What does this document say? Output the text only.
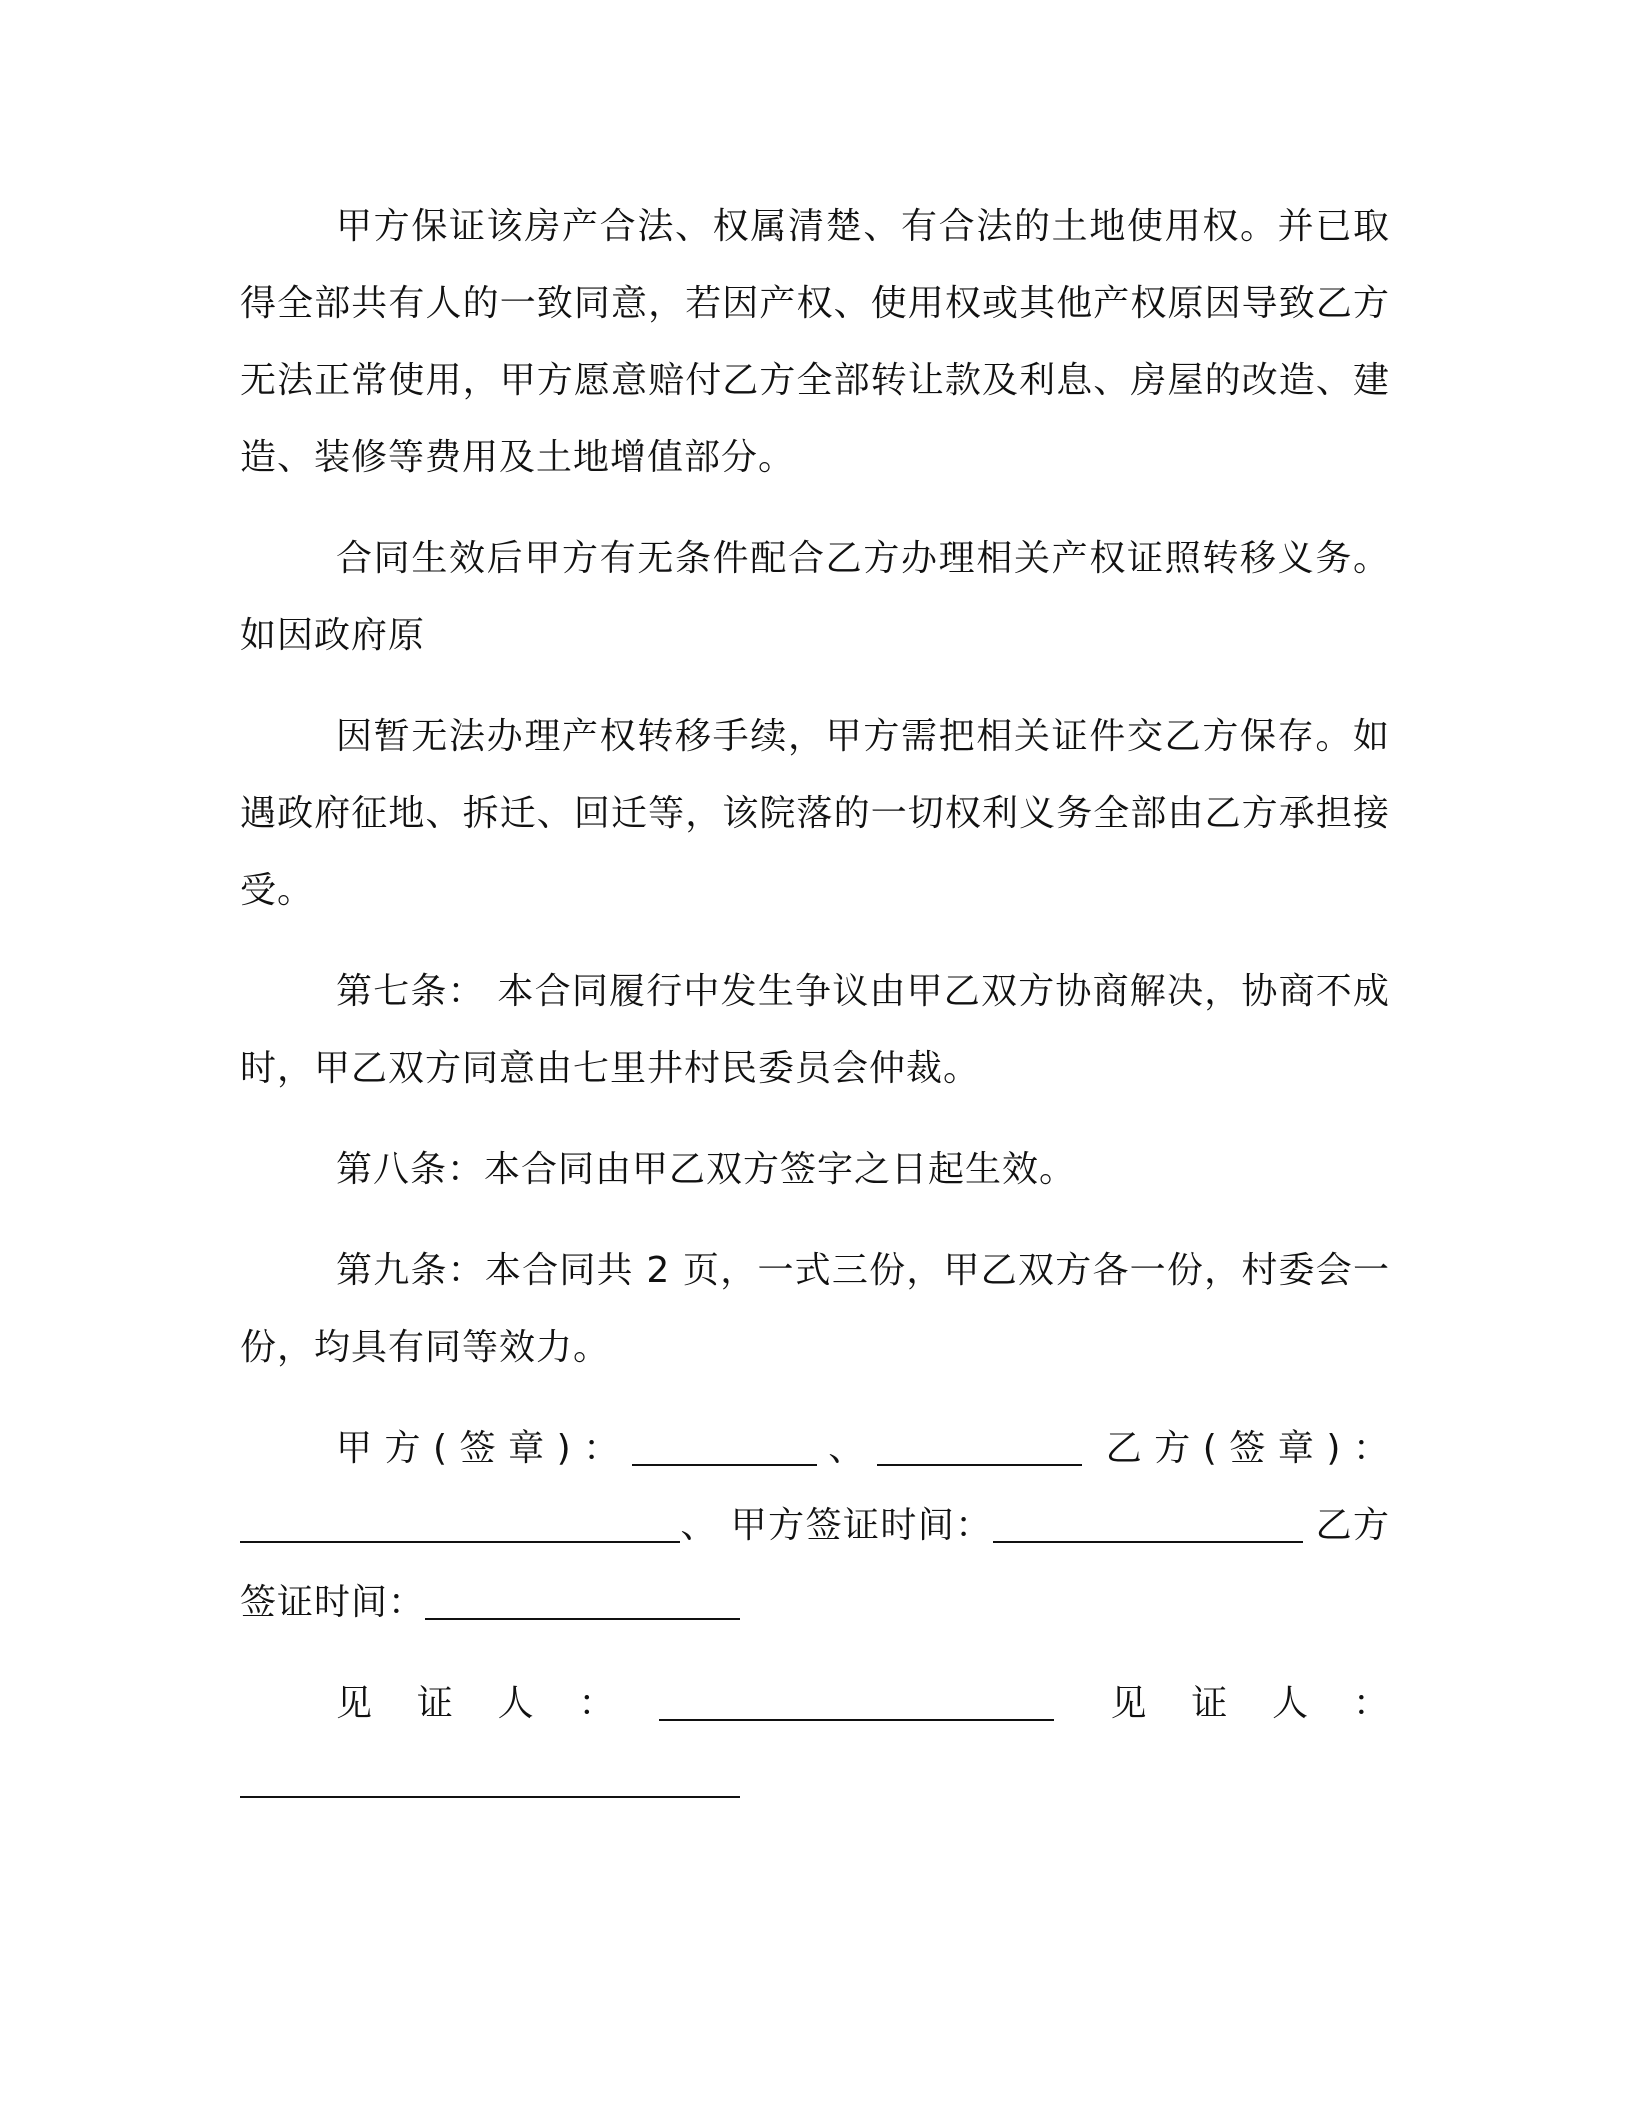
甲方保证该房产合法、权属清楚、有合法的土地使用权。并已取得全部共有人的一致同意，若因产权、使用权或其他产权原因导致乙方无法正常使用，甲方愿意赔付乙方全部转让款及利息、房屋的改造、建造、装修等费用及土地增值部分。

合同生效后甲方有无条件配合乙方办理相关产权证照转移义务。如因政府原

因暂无法办理产权转移手续，甲方需把相关证件交乙方保存。如遇政府征地、拆迁、回迁等，该院落的一切权利义务全部由乙方承担接受。

第七条： 本合同履行中发生争议由甲乙双方协商解决，协商不成时，甲乙双方同意由七里井村民委员会仲裁。

第八条：本合同由甲乙双方签字之日起生效。

第九条：本合同共 2 页，一式三份，甲乙双方各一份，村委会一份，均具有同等效力。

甲方(签章)：	、	乙方(签章)：、 甲方签证时间：	乙方签证时间：

见证人：	见证人：
